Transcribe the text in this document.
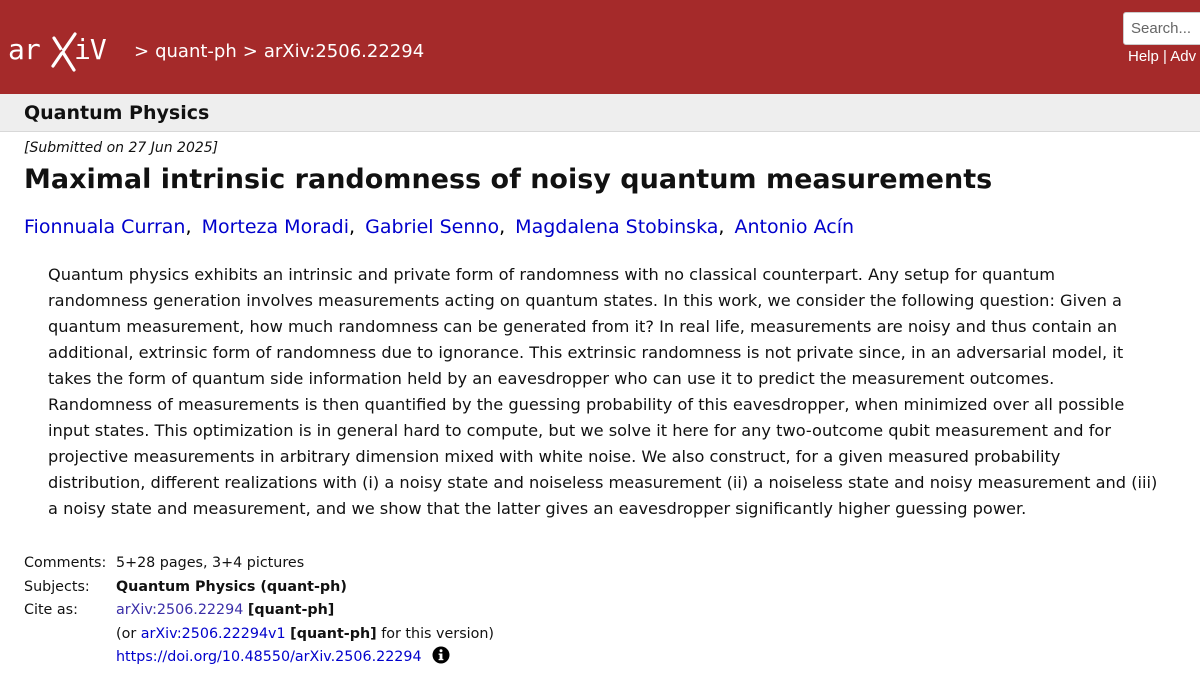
ar iV	> quant-ph > arXiv:2506.22294
Search...	Help | Adv
Quantum Physics
[Submitted on 27 Jun 2025]
Maximal intrinsic randomness of noisy quantum measurements
Fionnuala Curran, Morteza Moradi, Gabriel Senno, Magdalena Stobinska, Antonio Acín
Quantum physics exhibits an intrinsic and private form of randomness with no classical counterpart. Any setup for quantum
randomness generation involves measurements acting on quantum states. In this work, we consider the following question: Given a
quantum measurement, how much randomness can be generated from it? In real life, measurements are noisy and thus contain an
additional, extrinsic form of randomness due to ignorance. This extrinsic randomness is not private since, in an adversarial model, it
takes the form of quantum side information held by an eavesdropper who can use it to predict the measurement outcomes.
Randomness of measurements is then quantified by the guessing probability of this eavesdropper, when minimized over all possible
input states. This optimization is in general hard to compute, but we solve it here for any two-outcome qubit measurement and for
projective measurements in arbitrary dimension mixed with white noise. We also construct, for a given measured probability
distribution, different realizations with (i) a noisy state and noiseless measurement (ii) a noiseless state and noisy measurement and (iii)
a noisy state and measurement, and we show that the latter gives an eavesdropper significantly higher guessing power.
Comments: 5+28 pages, 3+4 pictures
Subjects: Quantum Physics (quant-ph)
Cite as:	arXiv:2506.22294 [quant-ph]
(or arXiv:2506.22294v1 [quant-ph] for this version)
https://doi.org/10.48550/arXiv.2506.22294
